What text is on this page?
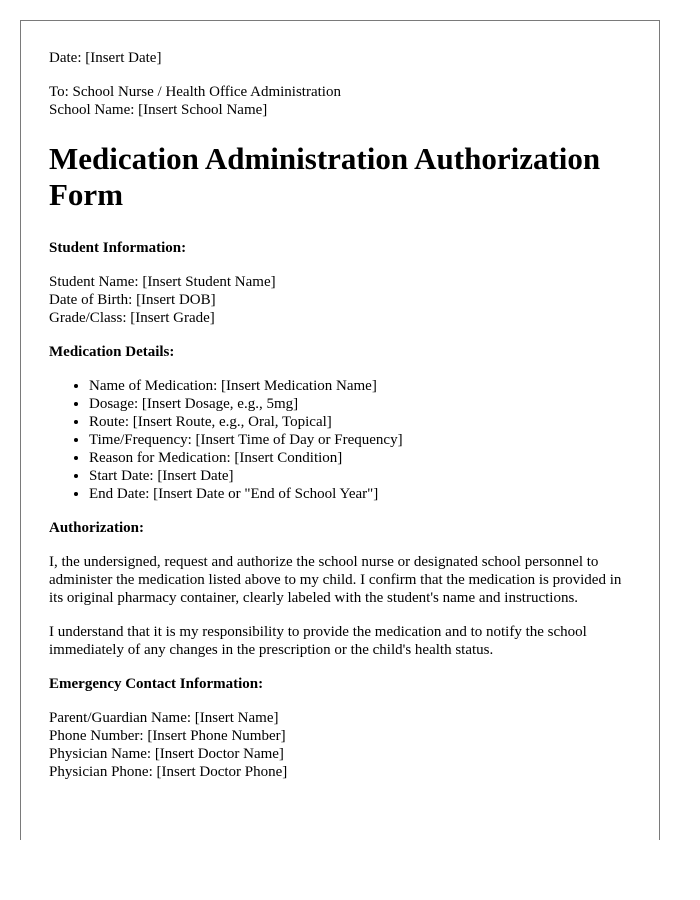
Date: [Insert Date]
To: School Nurse / Health Office Administration
School Name: [Insert School Name]
Medication Administration Authorization Form
Student Information:
Student Name: [Insert Student Name]
Date of Birth: [Insert DOB]
Grade/Class: [Insert Grade]
Medication Details:
• Name of Medication: [Insert Medication Name]
• Dosage: [Insert Dosage, e.g., 5mg]
• Route: [Insert Route, e.g., Oral, Topical]
• Time/Frequency: [Insert Time of Day or Frequency]
• Reason for Medication: [Insert Condition]
• Start Date: [Insert Date]
• End Date: [Insert Date or "End of School Year"]
Authorization:

I, the undersigned, request and authorize the school nurse or designated school personnel to administer the medication listed above to my child. I confirm that the medication is provided in its original pharmacy container, clearly labeled with the student's name and instructions.

I understand that it is my responsibility to provide the medication and to notify the school immediately of any changes in the prescription or the child's health status.

Emergency Contact Information:
Parent/Guardian Name: [Insert Name]
Phone Number: [Insert Phone Number]
Physician Name: [Insert Doctor Name]
Physician Phone: [Insert Doctor Phone]
